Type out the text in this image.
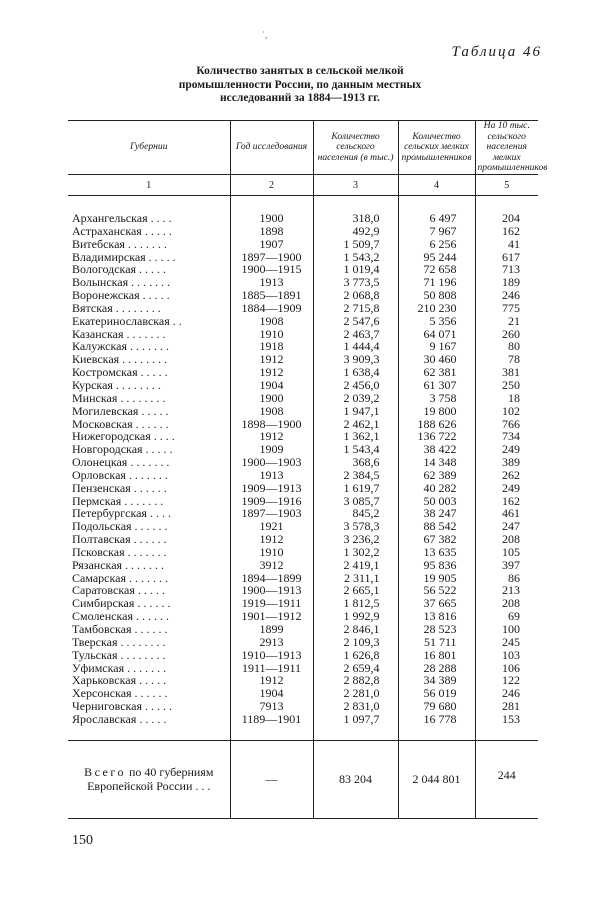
˙,
Таблица 46
Количество занятых в сельской мелкой
промышленности России, по данным местных
исследований за 1884—1913 гг.
Губернии	Год исследования	Количество сельского населения (в тыс.)	Количество сельских мелких промышленников	На 10 тыс. сельского населения мелких промышленников
1	2	3	4	5

Архангельская . . . .	1900	318,0	6 497	204
Астраханская . . . . .	1898	492,9	7 967	162
Витебская . . . . . . .	1907	1 509,7	6 256	41
Владимирская . . . . .	1897—1900	1 543,2	95 244	617
Вологодская . . . . .	1900—1915	1 019,4	72 658	713
Волынская . . . . . . .	1913	3 773,5	71 196	189
Воронежская . . . . .	1885—1891	2 068,8	50 808	246
Вятская . . . . . . . .	1884—1909	2 715,8	210 230	775
Екатеринославская . .	1908	2 547,6	5 356	21
Казанская . . . . . . .	1910	2 463,7	64 071	260
Калужская . . . . . . .	1918	1 444,4	9 167	80
Киевская . . . . . . . .	1912	3 909,3	30 460	78
Костромская . . . . .	1912	1 638,4	62 381	381
Курская . . . . . . . .	1904	2 456,0	61 307	250
Минская . . . . . . . .	1900	2 039,2	3 758	18
Могилевская . . . . .	1908	1 947,1	19 800	102
Московская . . . . . .	1898—1900	2 462,1	188 626	766
Нижегородская . . . .	1912	1 362,1	136 722	734
Новгородская . . . . .	1909	1 543,4	38 422	249
Олонецкая . . . . . . .	1900—1903	368,6	14 348	389
Орловская . . . . . . .	1913	2 384,5	62 389	262
Пензенская . . . . . .	1909—1913	1 619,7	40 282	249
Пермская . . . . . . .	1909—1916	3 085,7	50 003	162
Петербургская . . . .	1897—1903	845,2	38 247	461
Подольская . . . . . .	1921	3 578,3	88 542	247
Полтавская . . . . . .	1912	3 236,2	67 382	208
Псковская . . . . . . .	1910	1 302,2	13 635	105
Рязанская . . . . . . .	3912	2 419,1	95 836	397
Самарская . . . . . . .	1894—1899	2 311,1	19 905	86
Саратовская . . . . .	1900—1913	2 665,1	56 522	213
Симбирская . . . . . .	1919—1911	1 812,5	37 665	208
Смоленская . . . . . .	1901—1912	1 992,9	13 816	69
Тамбовская . . . . . .	1899	2 846,1	28 523	100
Тверская . . . . . . . .	2913	2 109,3	51 711	245
Тульская . . . . . . . .	1910—1913	1 626,8	16 801	103
Уфимская . . . . . . .	1911—1911	2 659,4	28 288	106
Харьковская . . . . .	1912	2 882,8	34 389	122
Херсонская . . . . . .	1904	2 281,0	56 019	246
Черниговская . . . . .	7913	2 831,0	79 680	281
Ярославская . . . . .	1189—1901	1 097,7	16 778	153

Всего по 40 губерниям Европейской России . . .	—	83 204	2 044 801	244
150
